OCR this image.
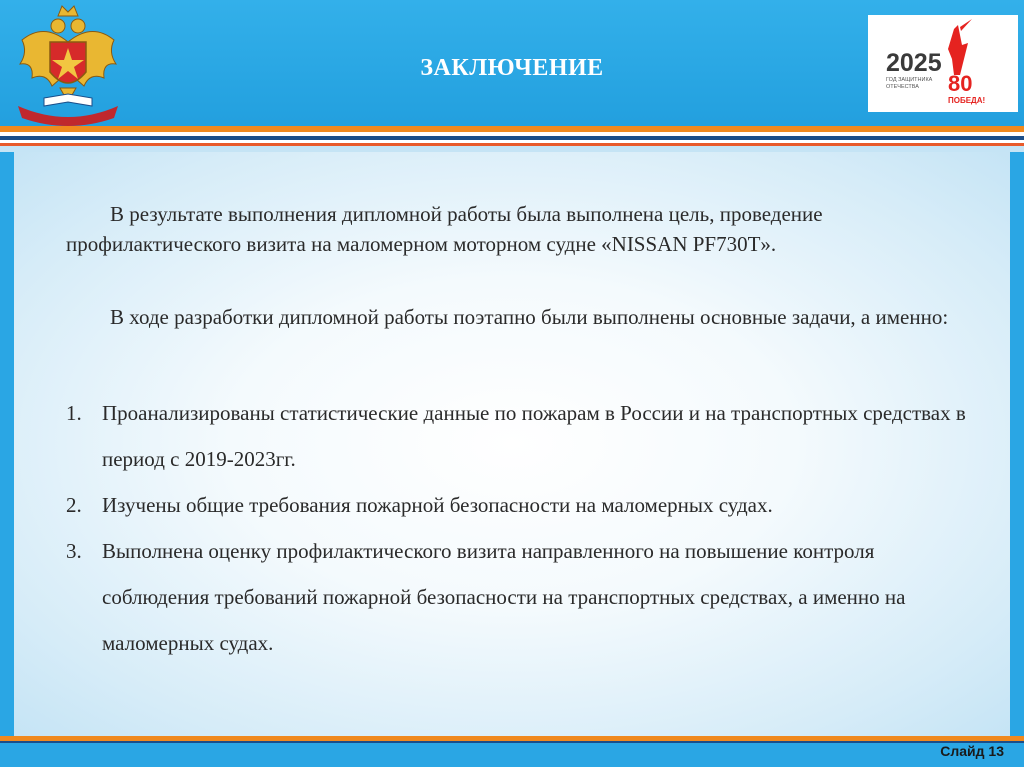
ЗАКЛЮЧЕНИЕ	2025
ГОД ЗАЩИТНИКА
ОТЕЧЕСТВА 80
ПОБЕДА!

В результате выполнения дипломной работы была выполнена цель, проведение профилактического визита на маломерном моторном судне «NISSAN PF730T».

В ходе разработки дипломной работы поэтапно были выполнены основные задачи, а именно:

1. Проанализированы статистические данные по пожарам в России и на транспортных средствах в период с 2019-2023гг.
2. Изучены общие требования пожарной безопасности на маломерных судах.
3. Выполнена оценку профилактического визита направленного на повышение контроля соблюдения требований пожарной безопасности на транспортных средствах, а именно на маломерных судах.
Слайд 13
